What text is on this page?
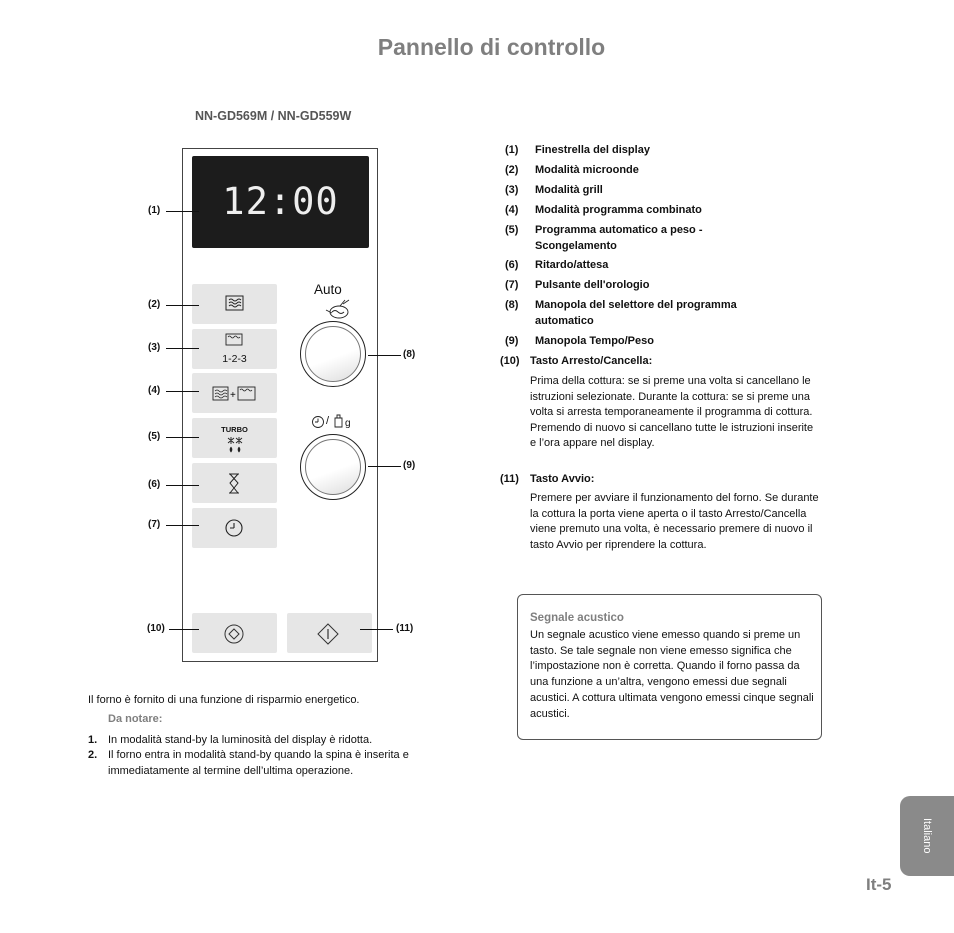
Pannello di controllo
NN-GD569M / NN-GD559W
12:00
1-2-3
+
TURBO
Auto
/ g
(1)
(2)
(3)
(4)
(5)
(6)
(7)
(8)
(9)
(10)	(11)
(1) Finestrella del display
(2) Modalità microonde
(3) Modalità grill
(4) Modalità programma combinato
(5) Programma automatico a peso - Scongelamento
(6) Ritardo/attesa
(7) Pulsante dell'orologio
(8) Manopola del selettore del programma automatico
(9) Manopola Tempo/Peso
(10) Tasto Arresto/Cancella:
Prima della cottura: se si preme una volta si cancellano le istruzioni selezionate. Durante la cottura: se si preme una volta si arresta temporaneamente il programma di cottura. Premendo di nuovo si cancellano tutte le istruzioni inserite e l’ora appare nel display.
(11) Tasto Avvio:
Premere per avviare il funzionamento del forno. Se durante la cottura la porta viene aperta o il tasto Arresto/Cancella viene premuto una volta, è necessario premere di nuovo il tasto Avvio per riprendere la cottura.
Il forno è fornito di una funzione di risparmio energetico.
Da notare:
1. In modalità stand-by la luminosità del display è ridotta.
2. Il forno entra in modalità stand-by quando la spina è inserita e immediatamente al termine dell’ultima operazione.
Segnale acustico
Un segnale acustico viene emesso quando si preme un tasto. Se tale segnale non viene emesso significa che l’impostazione non è corretta. Quando il forno passa da una funzione a un’altra, vengono emessi due segnali acustici. A cottura ultimata vengono emessi cinque segnali acustici.
Italiano
It-5
